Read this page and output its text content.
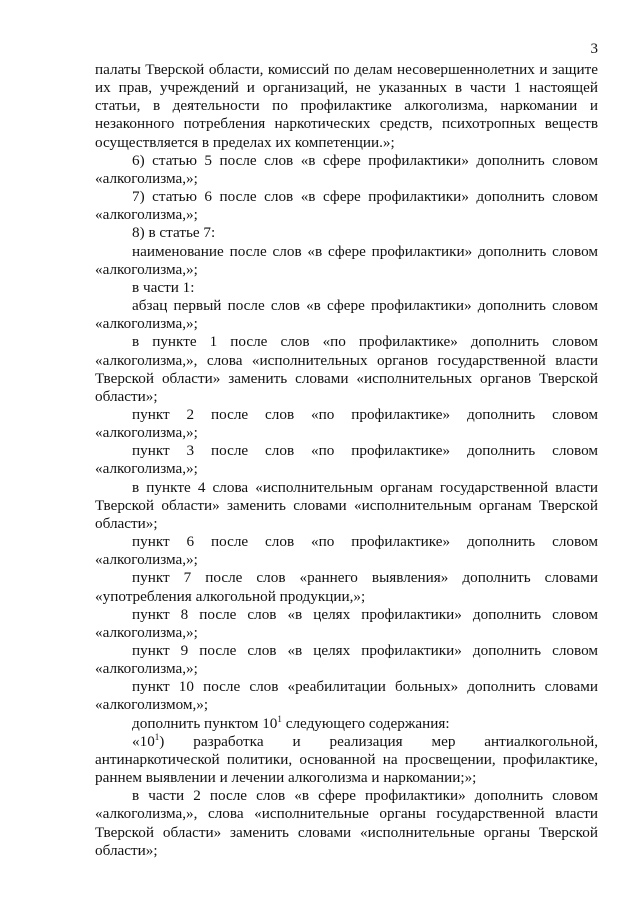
3

палаты Тверской области, комиссий по делам несовершеннолетних и защите их прав, учреждений и организаций, не указанных в части 1 настоящей статьи, в деятельности по профилактике алкоголизма, наркомании и незаконного потребления наркотических средств, психотропных веществ осуществляется в пределах их компетенции.»;

6) статью 5 после слов «в сфере профилактики» дополнить словом «алкоголизма,»;

7) статью 6 после слов «в сфере профилактики» дополнить словом «алкоголизма,»;

8) в статье 7:

наименование после слов «в сфере профилактики» дополнить словом «алкоголизма,»;

в части 1:

абзац первый после слов «в сфере профилактики» дополнить словом «алкоголизма,»;

в пункте 1 после слов «по профилактике» дополнить словом «алкоголизма,», слова «исполнительных органов государственной власти Тверской области» заменить словами «исполнительных органов Тверской области»;

пункт 2 после слов «по профилактике» дополнить словом «алкоголизма,»;

пункт 3 после слов «по профилактике» дополнить словом «алкоголизма,»;

в пункте 4 слова «исполнительным органам государственной власти Тверской области» заменить словами «исполнительным органам Тверской области»;

пункт 6 после слов «по профилактике» дополнить словом «алкоголизма,»;

пункт 7 после слов «раннего выявления» дополнить словами «употребления алкогольной продукции,»;

пункт 8 после слов «в целях профилактики» дополнить словом «алкоголизма,»;

пункт 9 после слов «в целях профилактики» дополнить словом «алкоголизма,»;

пункт 10 после слов «реабилитации больных» дополнить словами «алкоголизмом,»;

дополнить пунктом $10^1$ следующего содержания:

«$10^1$) разработка и реализация мер антиалкогольной, антинаркотической политики, основанной на просвещении, профилактике, раннем выявлении и лечении алкоголизма и наркомании;»;

в части 2 после слов «в сфере профилактики» дополнить словом «алкоголизма,», слова «исполнительные органы государственной власти Тверской области» заменить словами «исполнительные органы Тверской области»;
